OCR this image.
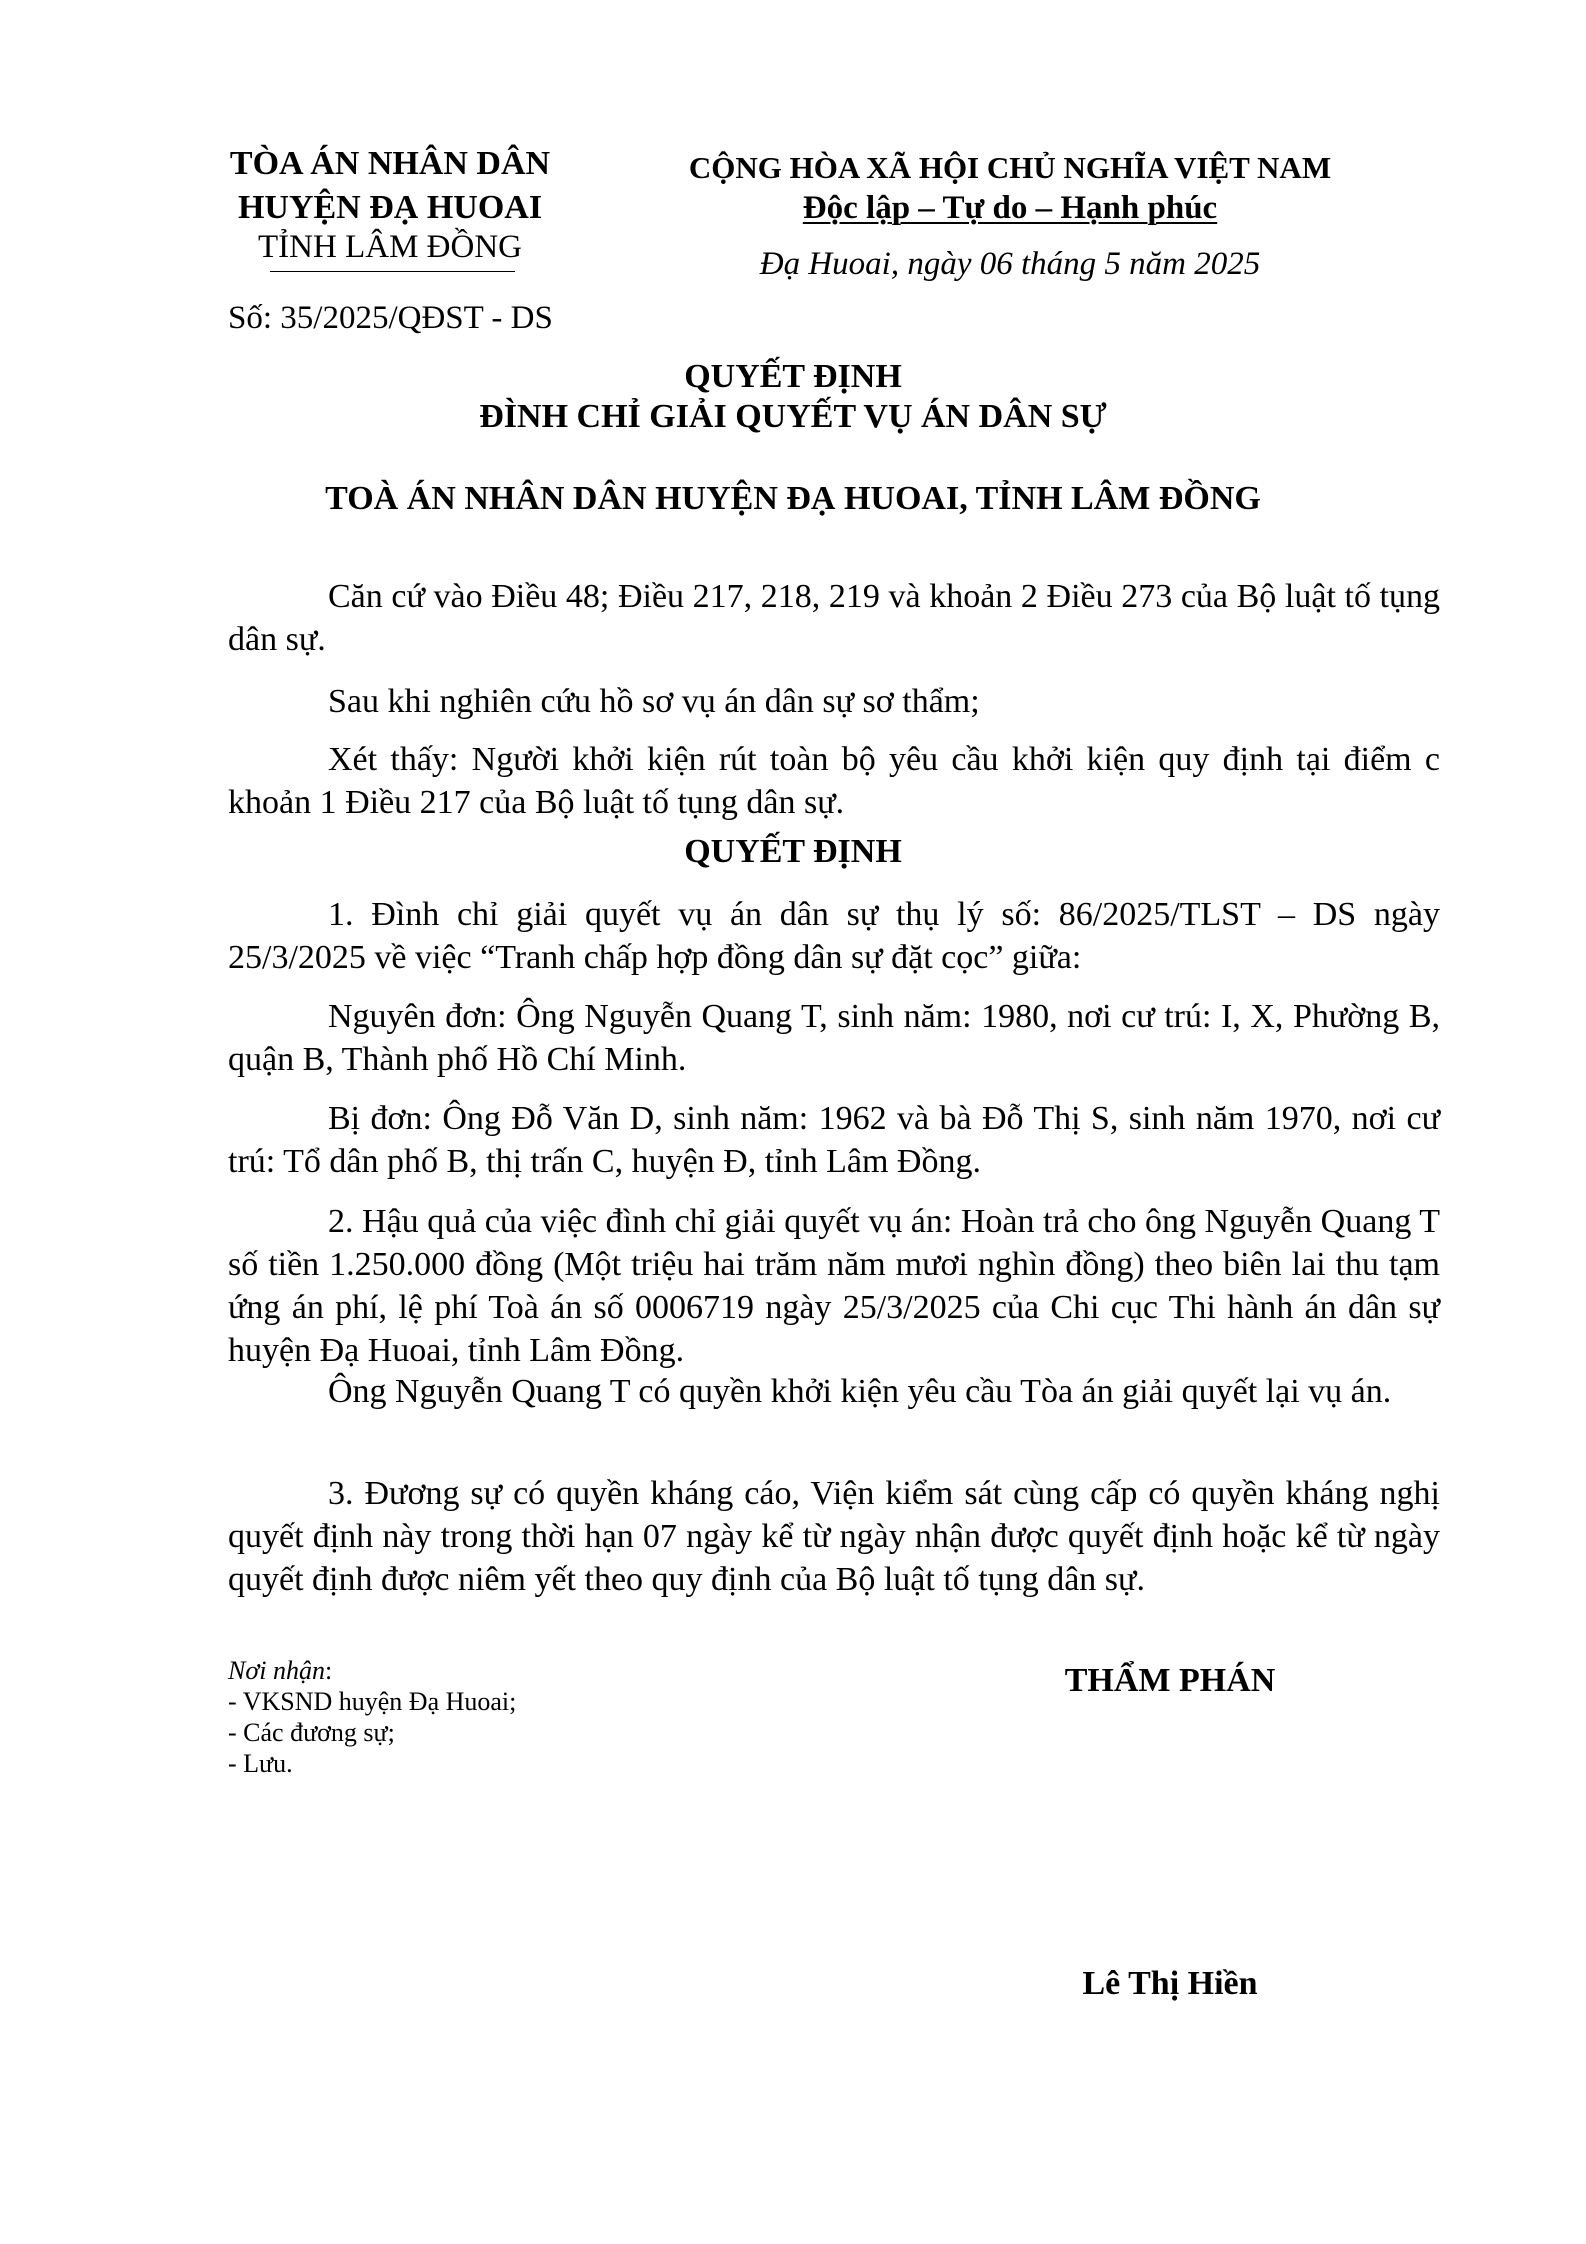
TÒA ÁN NHÂN DÂN
HUYỆN ĐẠ HUOAI
TỈNH LÂM ĐỒNG
Số: 35/2025/QĐST - DS
CỘNG HÒA XÃ HỘI CHỦ NGHĨA VIỆT NAM
Độc lập – Tự do – Hạnh phúc
Đạ Huoai, ngày 06 tháng 5 năm 2025
QUYẾT ĐỊNH
ĐÌNH CHỈ GIẢI QUYẾT VỤ ÁN DÂN SỰ
TOÀ ÁN NHÂN DÂN HUYỆN ĐẠ HUOAI, TỈNH LÂM ĐỒNG

Căn cứ vào Điều 48; Điều 217, 218, 219 và khoản 2 Điều 273 của Bộ luật tố tụng dân sự.

Sau khi nghiên cứu hồ sơ vụ án dân sự sơ thẩm;

Xét thấy: Người khởi kiện rút toàn bộ yêu cầu khởi kiện quy định tại điểm c khoản 1 Điều 217 của Bộ luật tố tụng dân sự.

QUYẾT ĐỊNH

1. Đình chỉ giải quyết vụ án dân sự thụ lý số: 86/2025/TLST – DS ngày 25/3/2025 về việc “Tranh chấp hợp đồng dân sự đặt cọc” giữa:

Nguyên đơn: Ông Nguyễn Quang T, sinh năm: 1980, nơi cư trú: I, X, Phường B, quận B, Thành phố Hồ Chí Minh.

Bị đơn: Ông Đỗ Văn D, sinh năm: 1962 và bà Đỗ Thị S, sinh năm 1970, nơi cư trú: Tổ dân phố B, thị trấn C, huyện Đ, tỉnh Lâm Đồng.

2. Hậu quả của việc đình chỉ giải quyết vụ án: Hoàn trả cho ông Nguyễn Quang T số tiền 1.250.000 đồng (Một triệu hai trăm năm mươi nghìn đồng) theo biên lai thu tạm ứng án phí, lệ phí Toà án số 0006719 ngày 25/3/2025 của Chi cục Thi hành án dân sự huyện Đạ Huoai, tỉnh Lâm Đồng.

Ông Nguyễn Quang T có quyền khởi kiện yêu cầu Tòa án giải quyết lại vụ án.

3. Đương sự có quyền kháng cáo, Viện kiểm sát cùng cấp có quyền kháng nghị quyết định này trong thời hạn 07 ngày kể từ ngày nhận được quyết định hoặc kể từ ngày quyết định được niêm yết theo quy định của Bộ luật tố tụng dân sự.

Nơi nhận:
- VKSND huyện Đạ Huoai;
- Các đương sự;
- Lưu.
THẨM PHÁN
Lê Thị Hiền
